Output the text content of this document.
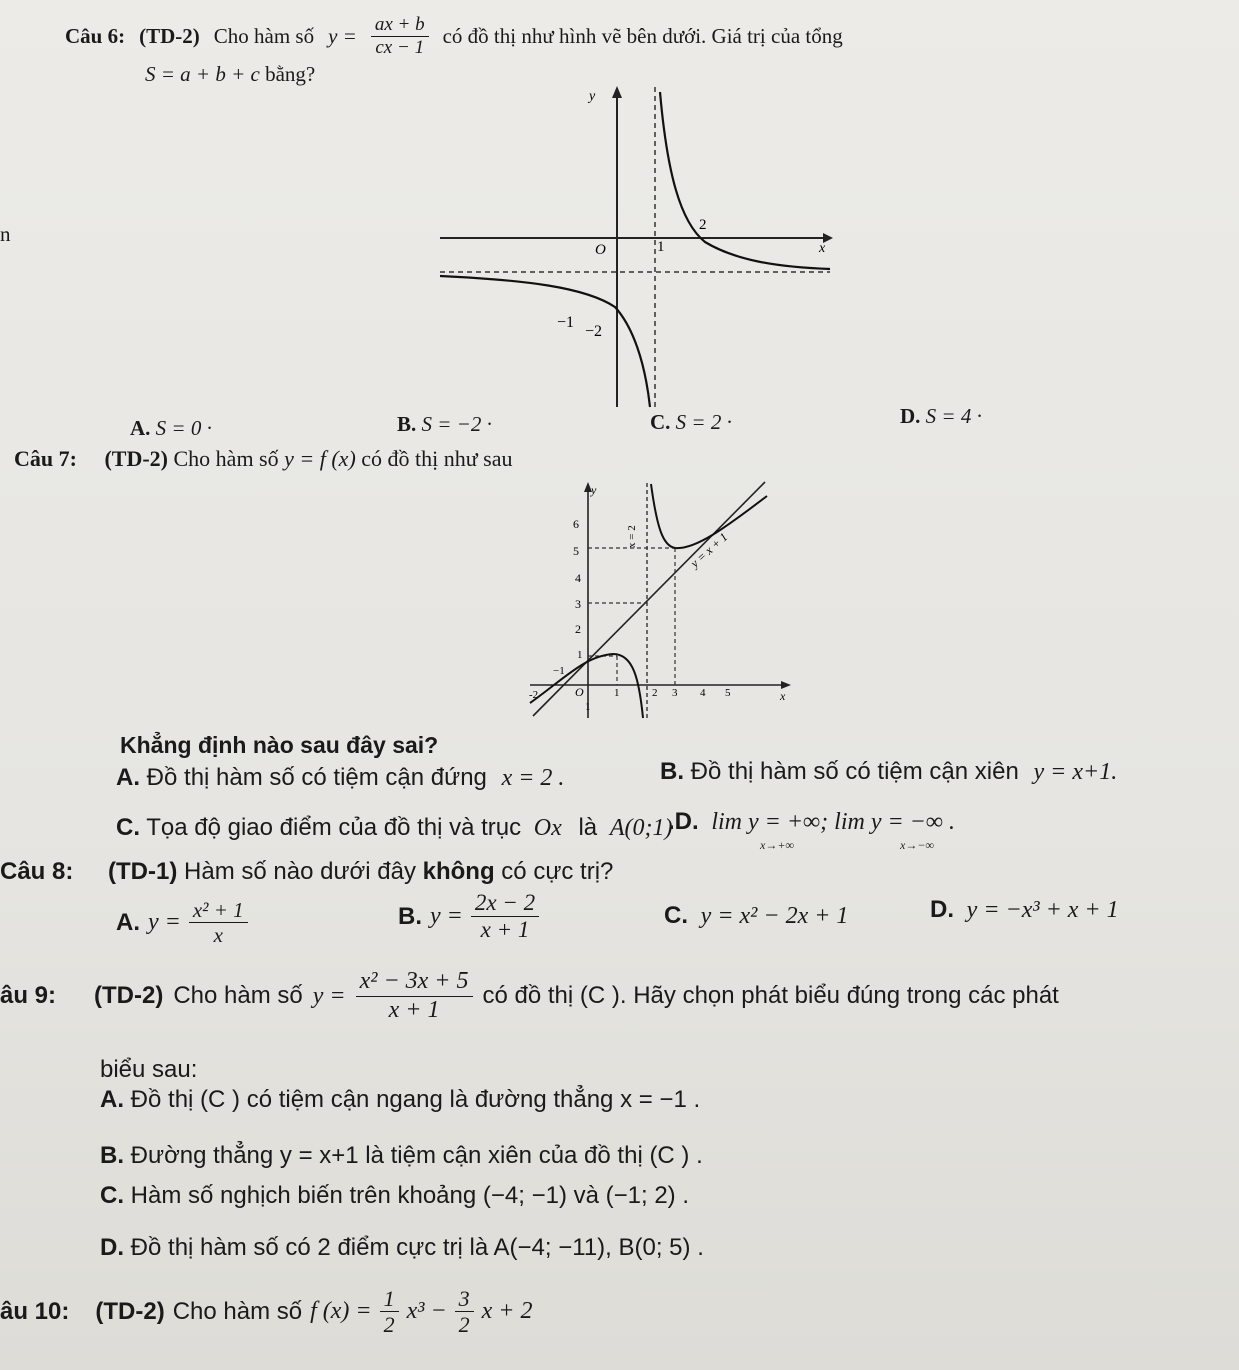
n
Câu 6: (TD-2) Cho hàm số $y = \frac{ax + b}{cx - 1}$ có đồ thị như hình vẽ bên dưới. Giá trị của tổng
S = a + b + c bằng?
y
x
O	1
2
−1
−2
A. S = 0 ·	B. S = −2 ·	C. S = 2 ·	D. S = 4 ·
Câu 7: (TD-2) Cho hàm số y = f (x) có đồ thị như sau
y
x
6
5
4
3
2
1
−1
-2	O	1	2 3 4 5
1
x = 2	y = x + 1
Khẳng định nào sau đây sai?
A. Đồ thị hàm số có tiệm cận đứng x = 2 .	B. Đồ thị hàm số có tiệm cận xiên y = x+1.
C. Tọa độ giao điểm của đồ thị và trục Ox là A(0;1)
.D. lim y = +∞; lim y = −∞ .
x→+∞	x→−∞
Câu 8: (TD-1) Hàm số nào dưới đây không có cực trị?
A. $y = \frac{\text{x² + 1}}{x}$	B. $y = \frac{2x - 2}{x + 1}$	C. y = x² − 2x + 1	D. y = −x³ + x + 1
âu 9: (TD-2) Cho hàm số $y = \frac{\text{x² − 3x + 5}}{x + 1}$ có đồ thị (C ). Hãy chọn phát biểu đúng trong các phát
biểu sau:
A. Đồ thị (C ) có tiệm cận ngang là đường thẳng x = −1 .
B. Đường thẳng y = x+1 là tiệm cận xiên của đồ thị (C ) .
C. Hàm số nghịch biến trên khoảng (−4; −1) và (−1; 2) .
D. Đồ thị hàm số có 2 điểm cực trị là A(−4; −11), B(0; 5) .
âu 10: (TD-2) Cho hàm số f $(x) = \frac{1}{2} x^3 - \frac{3}{2}$ x + 2
